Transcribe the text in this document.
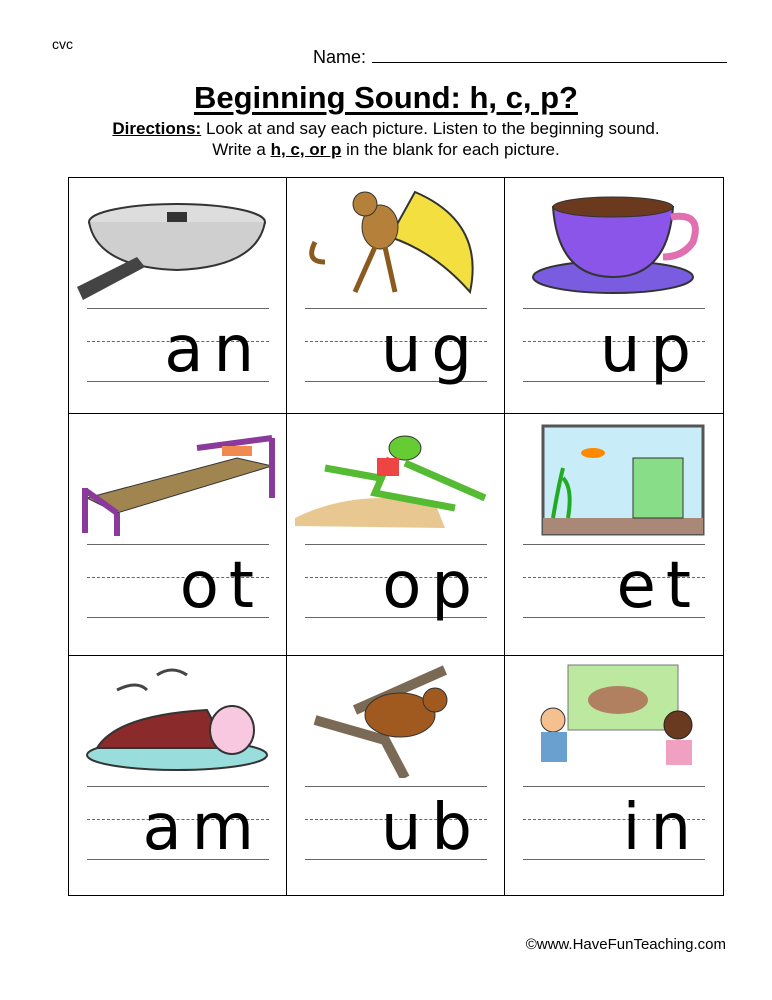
cvc
Name:
Beginning Sound: h, c, p?
Directions: Look at and say each picture. Listen to the beginning sound.
Write a h, c, or p in the blank for each picture.
an ug up
ot op et
am ub in
©www.HaveFunTeaching.com
